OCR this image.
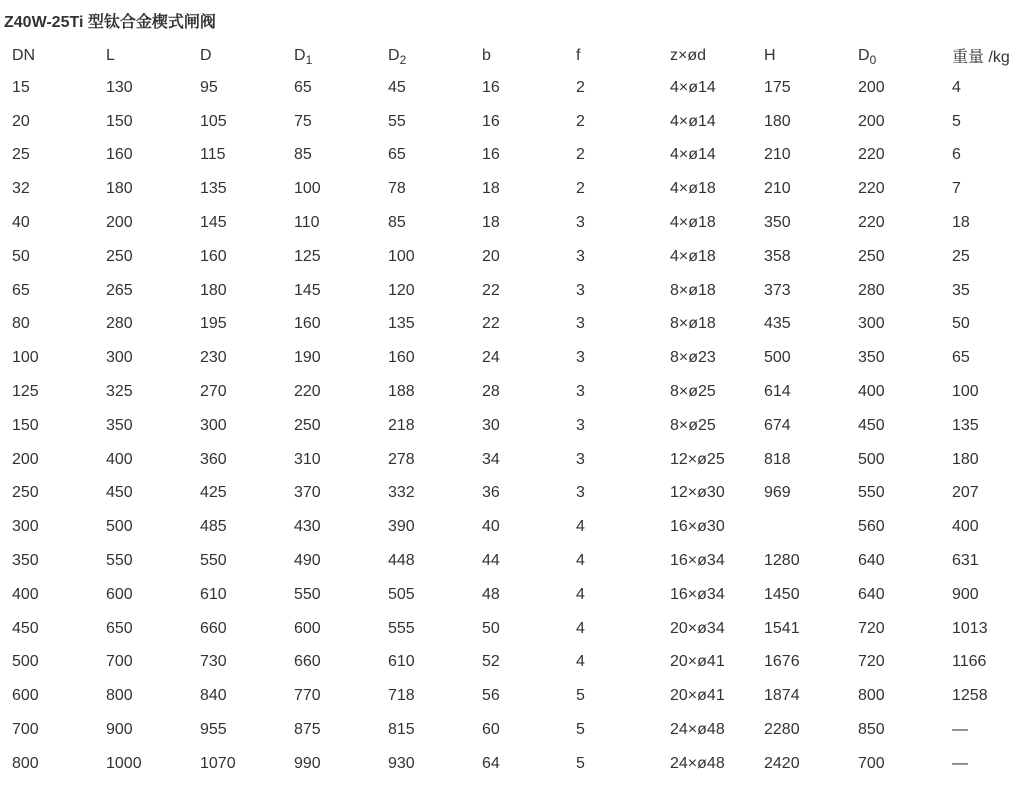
Z40W-25Ti 型钛合金楔式闸阀
DN	L	D	$D_1$	$D_2$	b	f	z×ød	H	$D_0$	重量 /kg
15	130	95	65	45	16	2	4×ø14	175	200	4
20	150	105	75	55	16	2	4×ø14	180	200	5
25	160	115	85	65	16	2	4×ø14	210	220	6
32	180	135	100	78	18	2	4×ø18	210	220	7
40	200	145	110	85	18	3	4×ø18	350	220	18
50	250	160	125	100	20	3	4×ø18	358	250	25
65	265	180	145	120	22	3	8×ø18	373	280	35
80	280	195	160	135	22	3	8×ø18	435	300	50
100	300	230	190	160	24	3	8×ø23	500	350	65
125	325	270	220	188	28	3	8×ø25	614	400	100
150	350	300	250	218	30	3	8×ø25	674	450	135
200	400	360	310	278	34	3	12×ø25	818	500	180
250	450	425	370	332	36	3	12×ø30	969	550	207
300	500	485	430	390	40	4	16×ø30		560	400
350	550	550	490	448	44	4	16×ø34	1280	640	631
400	600	610	550	505	48	4	16×ø34	1450	640	900
450	650	660	600	555	50	4	20×ø34	1541	720	1013
500	700	730	660	610	52	4	20×ø41	1676	720	1166
600	800	840	770	718	56	5	20×ø41	1874	800	1258
700	900	955	875	815	60	5	24×ø48	2280	850	—
800	1000	1070	990	930	64	5	24×ø48	2420	700	—
